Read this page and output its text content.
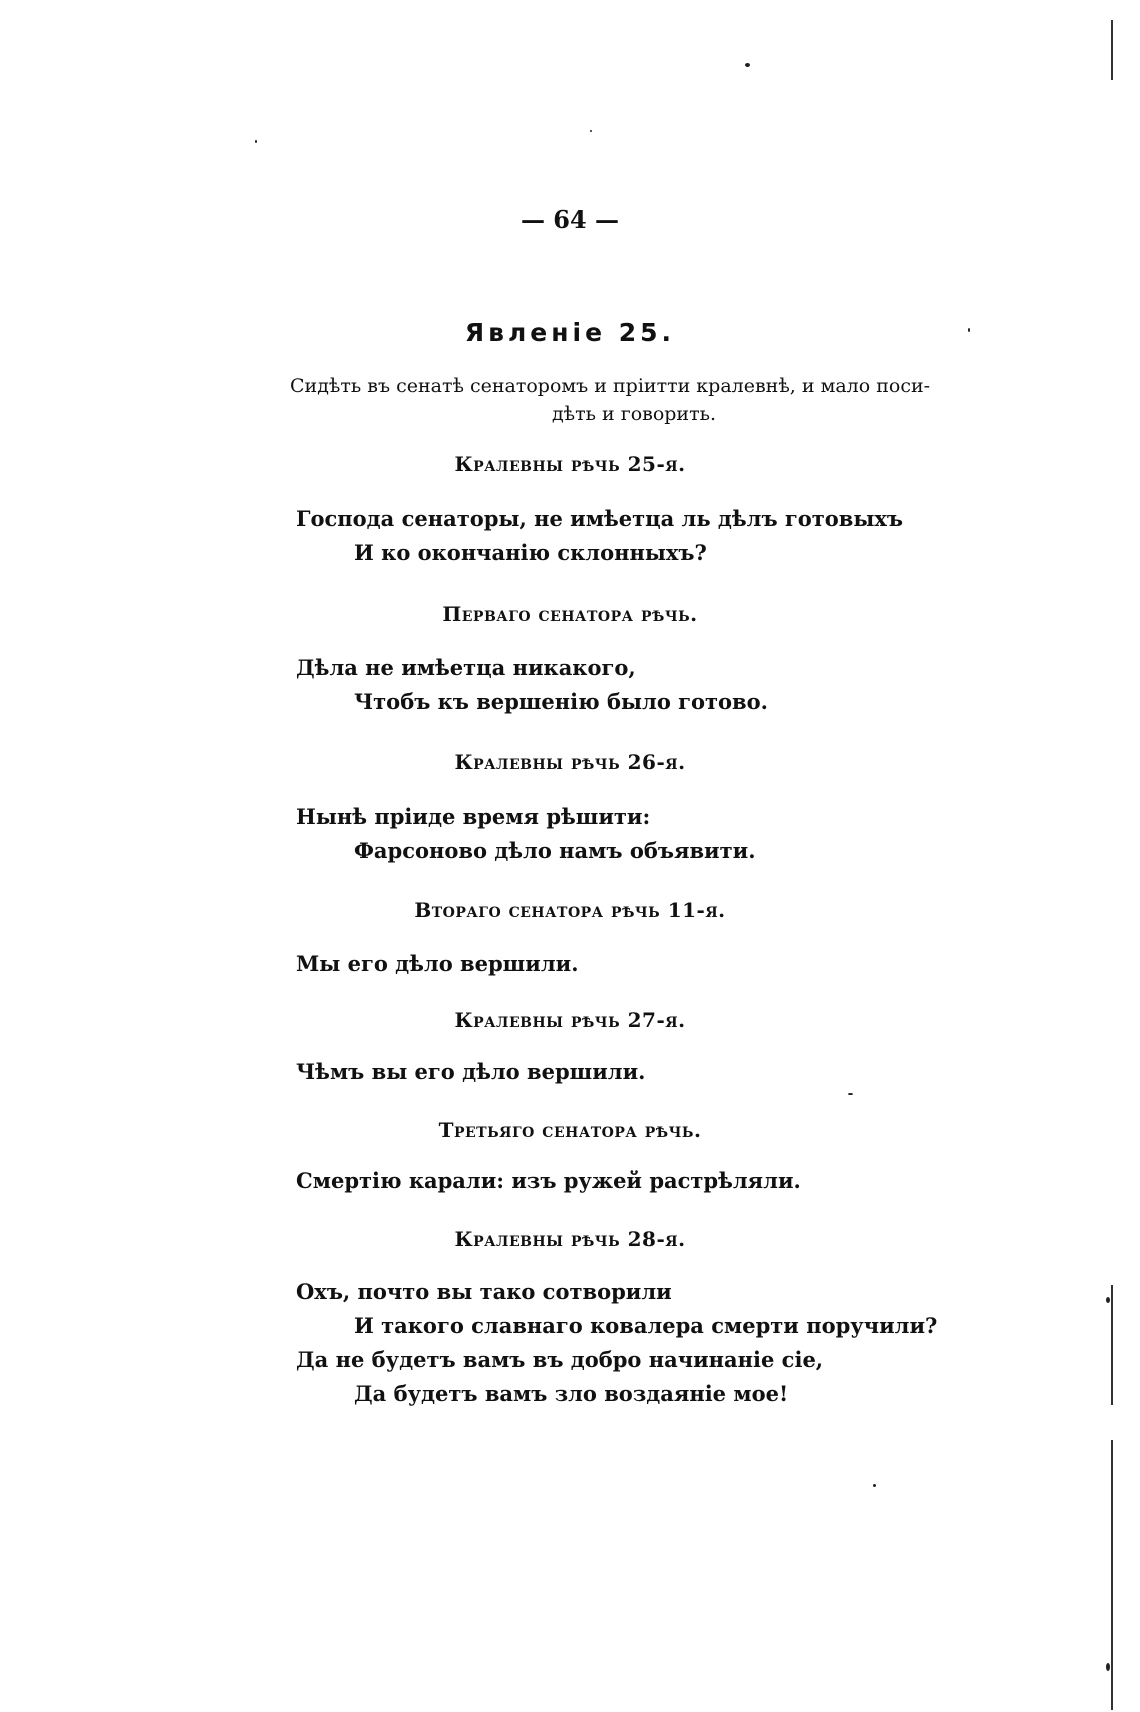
— 64 —
Явленіе 25.
Сидѣть въ сенатѣ сенаторомъ и пріитти кралевнѣ, и мало поси-
дѣть и говорить.
Кралевны рѣчь 25-я.
Господа сенаторы, не имѣетца ль дѣлъ готовыхъ
И ко окончанію склонныхъ?
Перваго сенатора рѣчь.
Дѣла не имѣетца никакого,
Чтобъ къ вершенію было готово.
Кралевны рѣчь 26-я.
Нынѣ пріиде время рѣшити:
Фарсоново дѣло намъ объявити.
Втораго сенатора рѣчь 11-я.
Мы его дѣло вершили.
Кралевны рѣчь 27-я.
Чѣмъ вы его дѣло вершили.
Третьяго сенатора рѣчь.
Смертію карали: изъ ружей растрѣляли.
Кралевны рѣчь 28-я.
Охъ, почто вы тако сотворили
И такого славнаго ковалера смерти поручили?
Да не будетъ вамъ въ добро начинаніе сіе,
Да будетъ вамъ зло воздаяніе мое!
